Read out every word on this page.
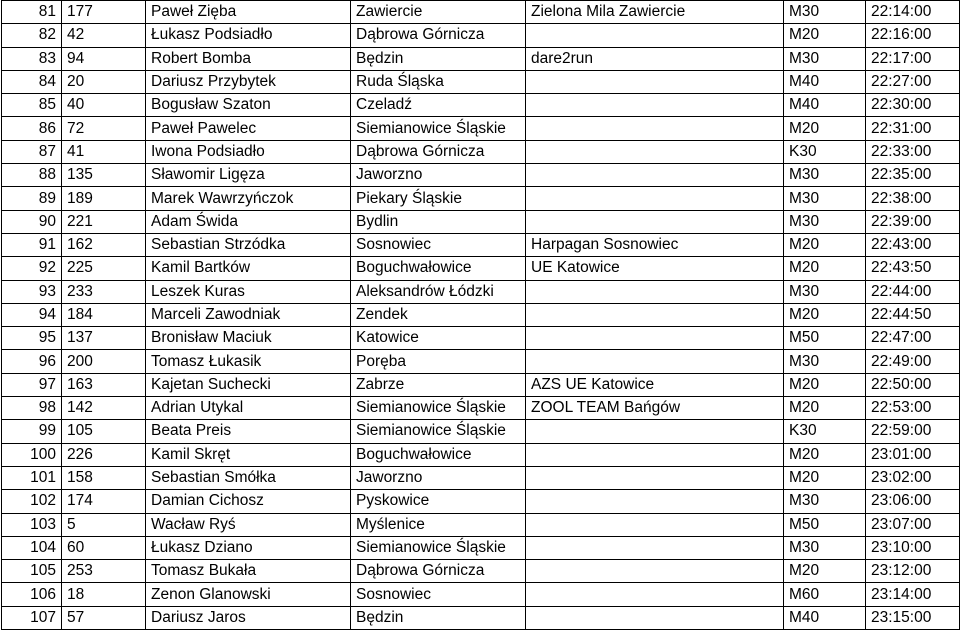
81	177	Paweł Zięba	Zawiercie	Zielona Mila Zawiercie	M30	22:14:00
82	42	Łukasz Podsiadło	Dąbrowa Górnicza		M20	22:16:00
83	94	Robert Bomba	Będzin	dare2run	M30	22:17:00
84	20	Dariusz Przybytek	Ruda Śląska		M40	22:27:00
85	40	Bogusław Szaton	Czeladź		M40	22:30:00
86	72	Paweł Pawelec	Siemianowice Śląskie		M20	22:31:00
87	41	Iwona Podsiadło	Dąbrowa Górnicza		K30	22:33:00
88	135	Sławomir Ligęza	Jaworzno		M30	22:35:00
89	189	Marek Wawrzyńczok	Piekary Śląskie		M30	22:38:00
90	221	Adam Świda	Bydlin		M30	22:39:00
91	162	Sebastian Strzódka	Sosnowiec	Harpagan Sosnowiec	M20	22:43:00
92	225	Kamil Bartków	Boguchwałowice	UE Katowice	M20	22:43:50
93	233	Leszek Kuras	Aleksandrów Łódzki		M30	22:44:00
94	184	Marceli Zawodniak	Zendek		M20	22:44:50
95	137	Bronisław Maciuk	Katowice		M50	22:47:00
96	200	Tomasz Łukasik	Poręba		M30	22:49:00
97	163	Kajetan Suchecki	Zabrze	AZS UE Katowice	M20	22:50:00
98	142	Adrian Utykal	Siemianowice Śląskie	ZOOL TEAM Bańgów	M20	22:53:00
99	105	Beata Preis	Siemianowice Śląskie		K30	22:59:00
100	226	Kamil Skręt	Boguchwałowice		M20	23:01:00
101	158	Sebastian Smółka	Jaworzno		M20	23:02:00
102	174	Damian Cichosz	Pyskowice		M30	23:06:00
103	5	Wacław Ryś	Myślenice		M50	23:07:00
104	60	Łukasz Dziano	Siemianowice Śląskie		M30	23:10:00
105	253	Tomasz Bukała	Dąbrowa Górnicza		M20	23:12:00
106	18	Zenon Glanowski	Sosnowiec		M60	23:14:00
107	57	Dariusz Jaros	Będzin		M40	23:15:00
